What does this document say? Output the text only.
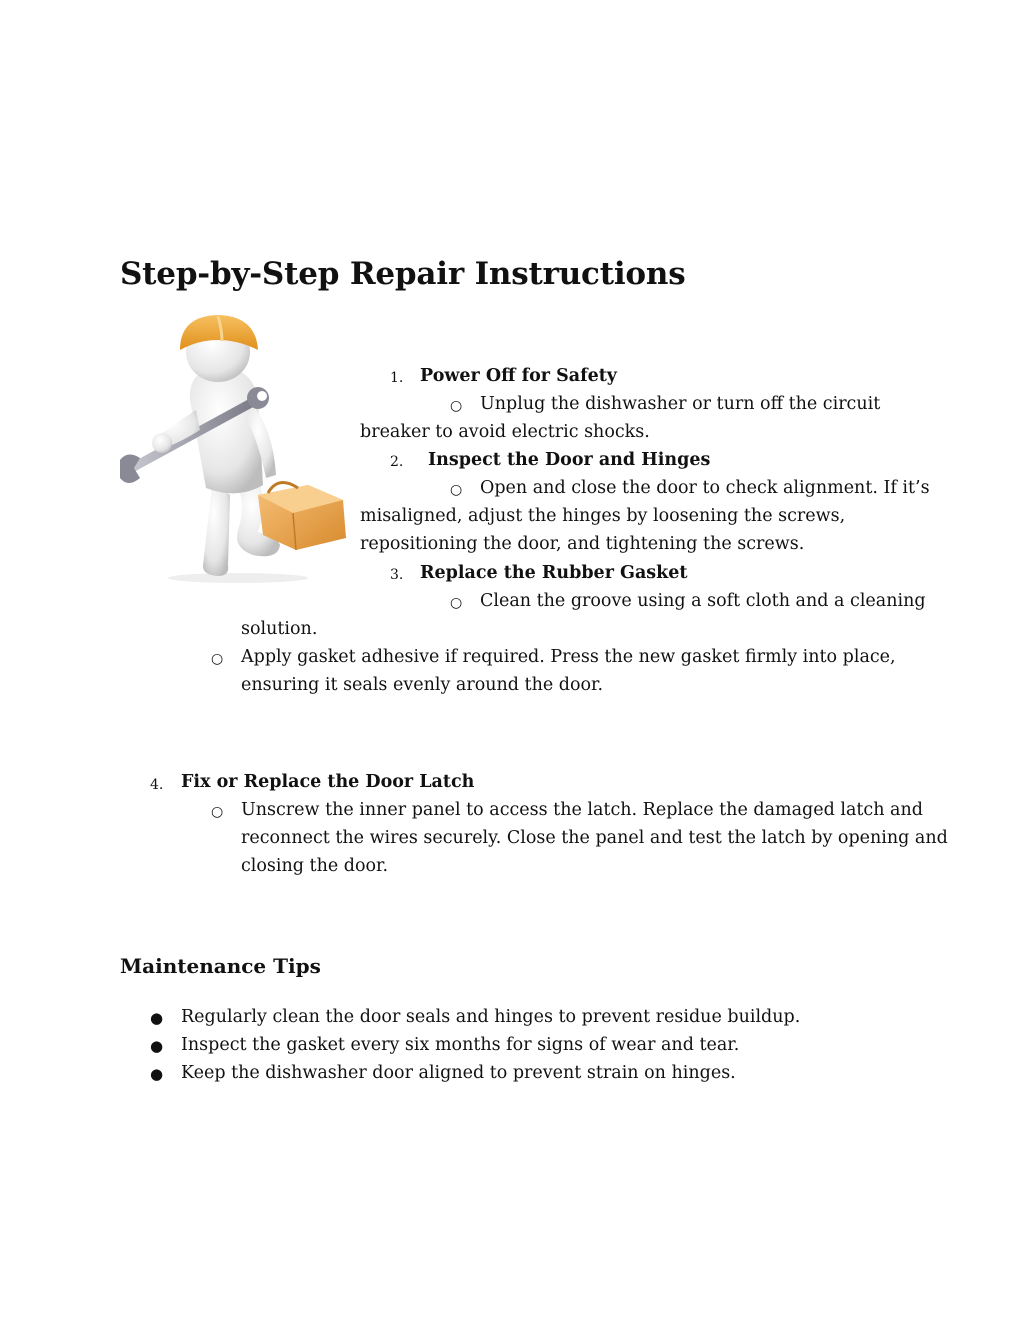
Step-by-Step Repair Instructions
1. Power Off for Safety
○ Unplug the dishwasher or turn off the circuit
breaker to avoid electric shocks.
2. Inspect the Door and Hinges
○ Open and close the door to check alignment. If it’s
misaligned, adjust the hinges by loosening the screws,
repositioning the door, and tightening the screws.
3. Replace the Rubber Gasket
○ Clean the groove using a soft cloth and a cleaning
solution.
○ Apply gasket adhesive if required. Press the new gasket firmly into place,
ensuring it seals evenly around the door.
4. Fix or Replace the Door Latch
○ Unscrew the inner panel to access the latch. Replace the damaged latch and
reconnect the wires securely. Close the panel and test the latch by opening and
closing the door.
Maintenance Tips
● Regularly clean the door seals and hinges to prevent residue buildup.
● Inspect the gasket every six months for signs of wear and tear.
● Keep the dishwasher door aligned to prevent strain on hinges.
